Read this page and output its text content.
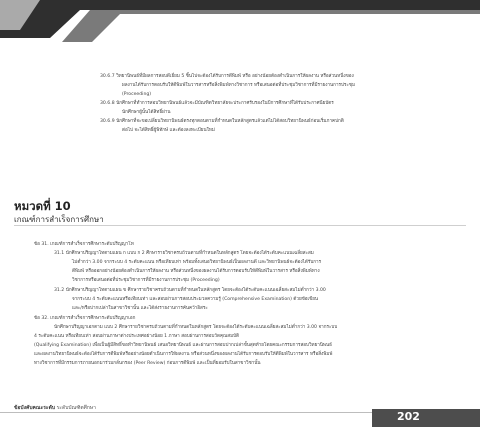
30.6.7 วิทยานิพนธ์ที่มีผลการสอบดีเยี่ยม 5 ชิ้นไปจะต้องได้รับการตีพิมพ์ หรือ อย่างน้อยต้องดำเนินการให้ผลงาน หรือส่วนหนึ่งของ
ผลงานได้รับการตอบรับให้ตีพิมพ์ในวารสารหรือสิ่งพิมพ์ทางวิชาการ หรือเสนอต่อที่ประชุมวิชาการที่มีรายงานการประชุม
(Proceeding)
30.6.8 นักศึกษาที่ทำการสอบวิทยานิพนธ์แล้วจะมีบัณฑิตวิทยาลัยจะประกาศรับรองในปีการศึกษาที่ได้รับประกาศนียบัตร
นักศึกษาผู้นั้นได้สิทธิ์ผ่าน
30.6.9 นักศึกษาที่จะขอเปลี่ยนวิทยานิพนธ์ตรงทุกตอนตามที่กำหนดในหลักสูตรแล้วแต่ไม่ได้สอบวิทยานิพนธ์ก่อนเริ่มภาคปกติ
ต่อไป จะได้สิทธิ์ผู้พิทักษ์ และต้องลงทะเบียนใหม่
หมวดที่ 10
เกณฑ์การสำเร็จการศึกษา
ข้อ 31. เกณฑ์การสำเร็จการศึกษาระดับปริญญาโท
31.1 นักศึกษาปริญญาโทตามแผน ก แบบ ก 2 ศึกษารายวิชาครบถ้วนตามที่กำหนดในหลักสูตร โดยจะต้องได้ระดับคะแนนเฉลี่ยสะสม
ไม่ต่ำกว่า 3.00 จากระบบ 4 ระดับคะแนน หรือเทียบเท่า พร้อมทั้งเสนอวิทยานิพนธ์เป็นผลงานดี และวิทยานิพนธ์จะต้องได้รับการ
ตีพิมพ์ หรือออกอย่างน้อยต้องดำเนินการให้ผลงาน หรือส่วนหนึ่งของผลงานได้รับการตอบรับให้ตีพิมพ์ในวารสาร หรือสิ่งพิมพ์ทาง
วิชาการหรือเสนอต่อที่ประชุมวิชาการที่มีรายงานการประชุม (Proceeding)
31.2 นักศึกษาปริญญาโทตามแผน ข ศึกษารายวิชาครบถ้วนตามที่กำหนดในหลักสูตร โดยจะต้องได้ระดับคะแนนเฉลี่ยสะสมไม่ต่ำกว่า 3.00
จากระบบ 4 ระดับคะแนนหรือเทียบเท่า และสอบผ่านการสอบประมวลความรู้ (Comprehensive Examination) ด้วยข้อเขียน
และ/หรือปากเปล่าในสาขาวิชานั้น และได้ส่งรายงานการค้นคว้าอิสระ
ข้อ 32. เกณฑ์การสำเร็จการศึกษาระดับปริญญาเอก
นักศึกษาปริญญาเอกตาม แบบ 2 ศึกษารายวิชาครบถ้วนตามที่กำหนดในหลักสูตร โดยจะต้องได้ระดับคะแนนเฉลี่ยสะสมไม่ต่ำกว่า 3.00 จากระบบ
4 ระดับคะแนน หรือเทียบเท่า สอบผ่านภาษาต่างประเทศอย่างน้อย 1 ภาษา สอบผ่านการสอบวัดคุณสมบัติ
(Qualifying Examination) เพื่อเป็นผู้มีสิทธิ์ขอทำวิทยานิพนธ์ เสนอวิทยานิพนธ์ และผ่านการสอบปากเปล่าขั้นสุดท้ายโดยคณะกรรมการสอบวิทยานิพนธ์
และผลงานวิทยานิพนธ์จะต้องได้รับการตีพิมพ์หรืออย่างน้อยดำเนินการให้ผลงาน หรือส่วนหนึ่งของผลงานได้รับการตอบรับให้ตีพิมพ์ในวารสาร หรือสิ่งพิมพ์
ทางวิชาการที่มีกรรมการภายนอกมาร่วมกลั่นกรอง (Peer Review) ก่อนการตีพิมพ์ และเป็นที่ยอมรับในสาขาวิชานั้น
ข้อบังคับคณะระดับ ระดับบัณฑิตศึกษา
202
